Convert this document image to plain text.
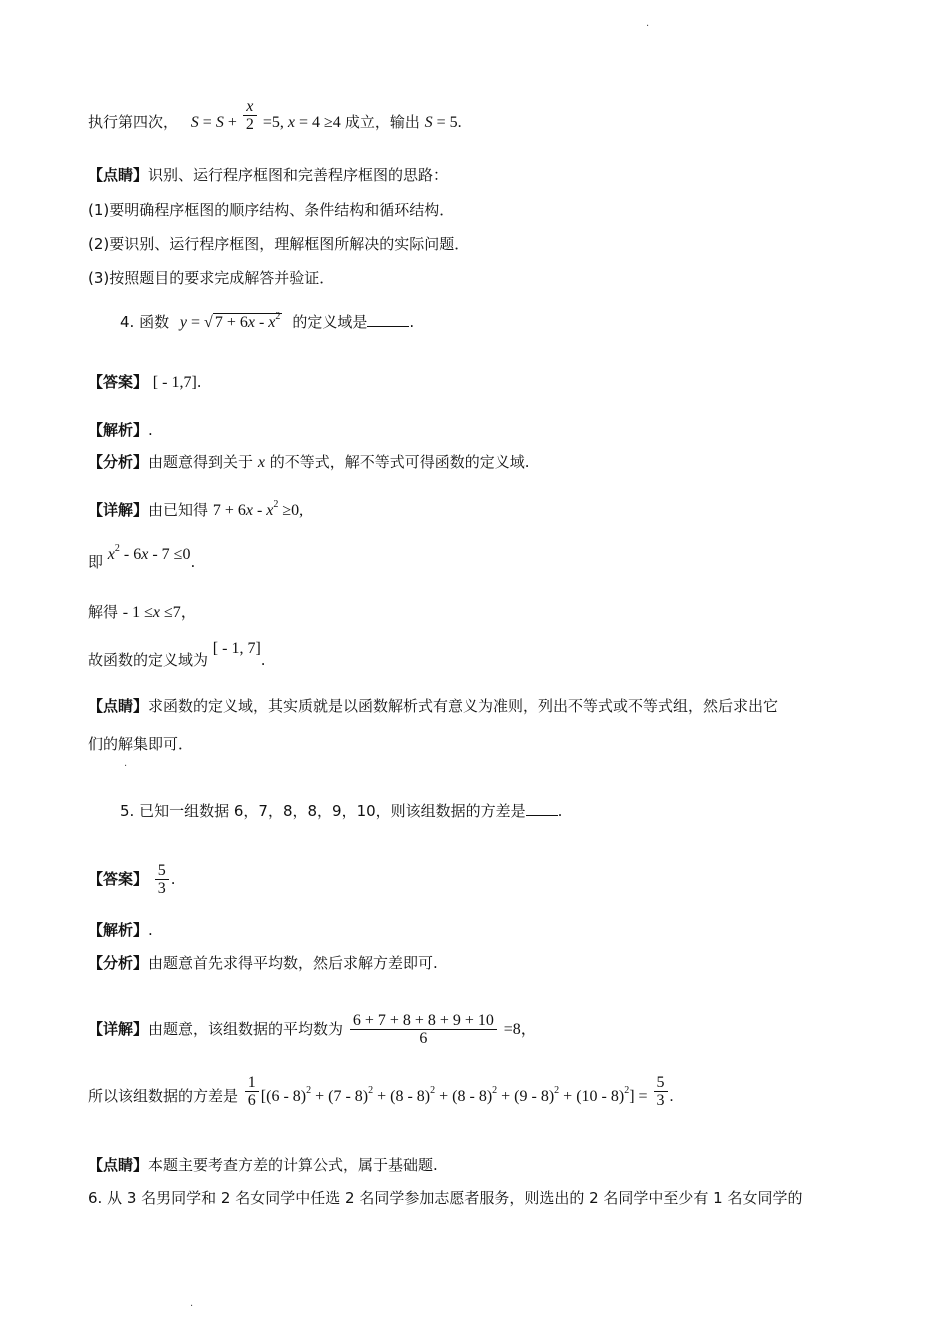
.
.
.
执行第四次， $S = S + \frac{x}{2} =5$, x = 4 ≥4 成立，输出 S = 5.
【点睛】识别、运行程序框图和完善程序框图的思路：
(1)要明确程序框图的顺序结构、条件结构和循环结构．
(2)要识别、运行程序框图，理解框图所解决的实际问题．
(3)按照题目的要求完成解答并验证．
4. 函数 y = √ $7 + 6x - x^2$ 的定义域是	.
【答案】 [ - 1,7].
【解析】.
【分析】由题意得到关于 x 的不等式，解不等式可得函数的定义域.
【详解】由已知得 $7 + 6x - x^2 \ge 0$,
即 $x^2 - 6x - 7 \le 0$.
解得 - 1 ≤x ≤7，
故函数的定义域为 [ - 1, 7].
【点睛】求函数的定义域，其实质就是以函数解析式有意义为准则，列出不等式或不等式组，然后求出它
们的解集即可．
5. 已知一组数据 6，7，8，8，9，10，则该组数据的方差是 .
【答案】 $\frac{5}{3}$ .
【解析】.
【分析】由题意首先求得平均数，然后求解方差即可.
【详解】由题意，该组数据的平均数为 $\frac{6 + 7 + 8 + 8 + 9 + 10}{6} =8$，
所以该组数据的方差是 $\frac{1}{6} [(6 - 8)^2 + (7 - 8)^2 + (8 - 8)^2 + (8 - 8)^2 + (9 - 8)^2 + (10 - 8)^2] = \frac{5}{3}$ .
【点睛】本题主要考查方差的计算公式，属于基础题.
6. 从 3 名男同学和 2 名女同学中任选 2 名同学参加志愿者服务，则选出的 2 名同学中至少有 1 名女同学的
